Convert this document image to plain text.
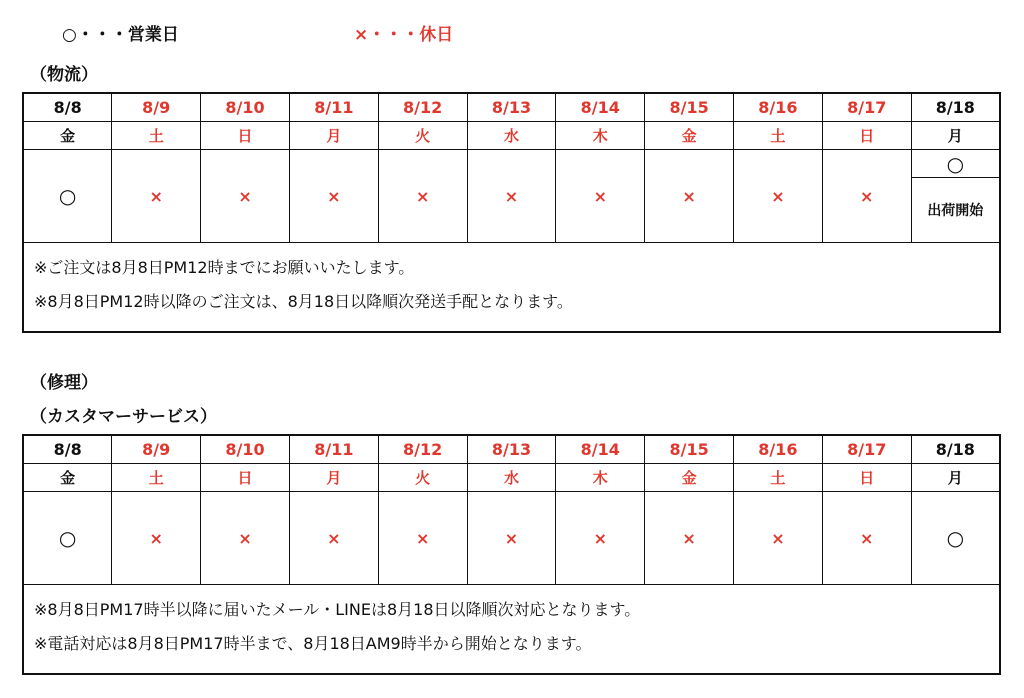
○・・・営業日	×・・・休日
（物流）
8/8	8/9	8/10	8/11	8/12	8/13	8/14	8/15	8/16	8/17	8/18
金	土	日	月	火	水	木	金	土	日	月
○	×	×	×	×	×	×	×	×	×	○
										出荷開始

※ご注文は8月8日PM12時までにお願いいたします。
※8月8日PM12時以降のご注文は、8月18日以降順次発送手配となります。										
（修理）
（カスタマーサービス）
8/8	8/9	8/10	8/11	8/12	8/13	8/14	8/15	8/16	8/17	8/18
金	土	日	月	火	水	木	金	土	日	月
○	×	×	×	×	×	×	×	×	×	○

※8月8日PM17時半以降に届いたメール・LINEは8月18日以降順次対応となります。
※電話対応は8月8日PM17時半まで、8月18日AM9時半から開始となります。										
